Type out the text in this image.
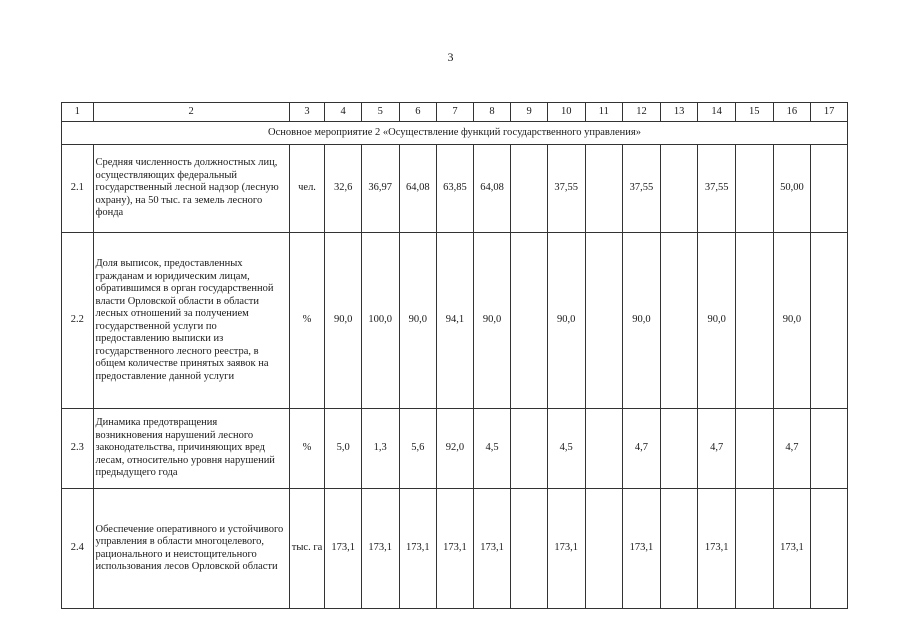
3
1	2	3	4	5	6	7	8	9	10	11	12	13	14	15	16	17
Основное мероприятие 2 «Осуществление функций государственного управления»																
2.1	Средняя численность должностных лиц, осуществляющих федеральный государственный лесной надзор (лесную охрану), на 50 тыс. га земель лесного фонда	чел.	32,6	36,97	64,08	63,85	64,08		37,55		37,55		37,55		50,00	
2.2	Доля выписок, предоставленных гражданам и юридическим лицам, обратившимся в орган государственной власти Орловской области в области лесных отношений за получением государственной услуги по предоставлению выписки из государственного лесного реестра, в общем количестве принятых заявок на предоставление данной услуги	%	90,0	100,0	90,0	94,1	90,0		90,0		90,0		90,0		90,0	
2.3	Динамика предотвращения возникновения нарушений лесного законодательства, причиняющих вред лесам, относительно уровня нарушений предыдущего года	%	5,0	1,3	5,6	92,0	4,5		4,5		4,7		4,7		4,7	
2.4	Обеспечение оперативного и устойчивого управления в области многоцелевого, рационального и неистощительного использования лесов Орловской области	тыс. га	173,1	173,1	173,1	173,1	173,1		173,1		173,1		173,1		173,1	
